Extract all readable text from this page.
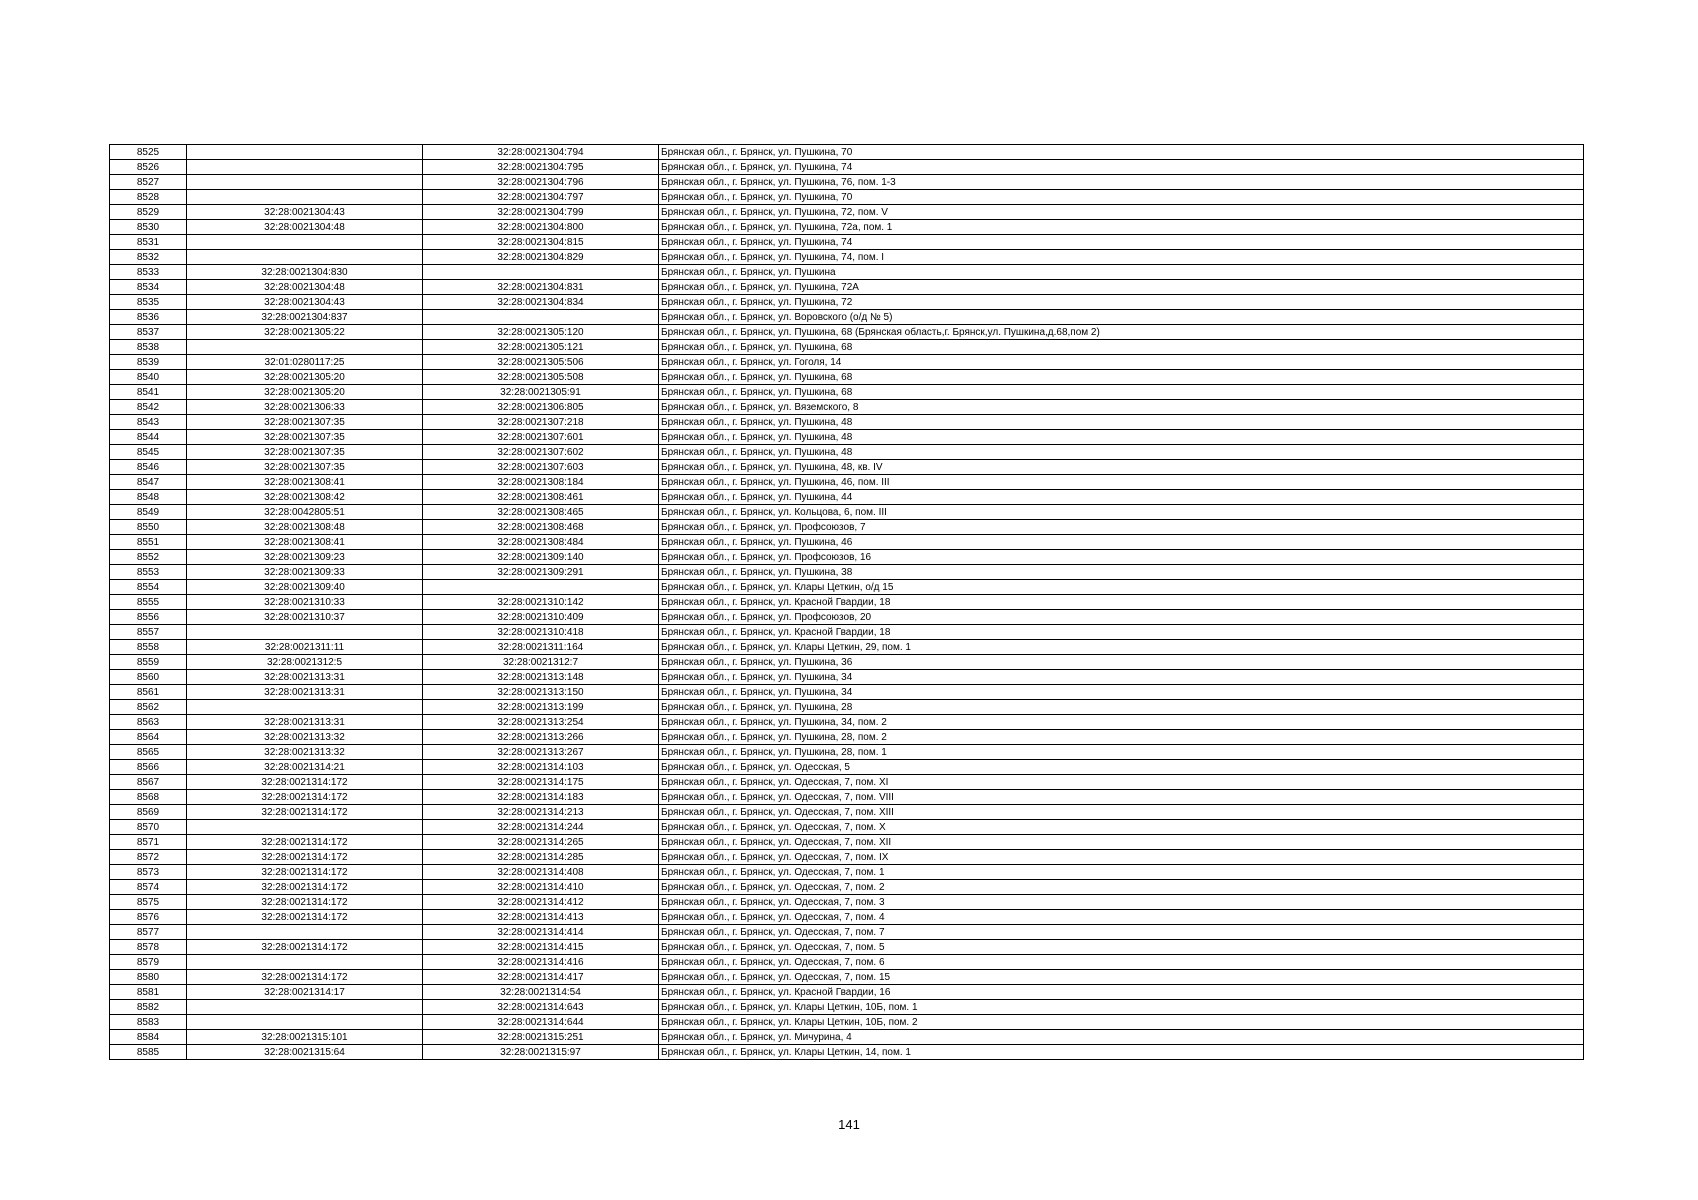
8525		32:28:0021304:794	Брянская обл., г. Брянск, ул. Пушкина, 70
8526		32:28:0021304:795	Брянская обл., г. Брянск, ул. Пушкина, 74
8527		32:28:0021304:796	Брянская обл., г. Брянск, ул. Пушкина, 76, пом. 1-3
8528		32:28:0021304:797	Брянская обл., г. Брянск, ул. Пушкина, 70
8529	32:28:0021304:43	32:28:0021304:799	Брянская обл., г. Брянск, ул. Пушкина, 72, пом. V
8530	32:28:0021304:48	32:28:0021304:800	Брянская обл., г. Брянск, ул. Пушкина, 72а, пом. 1
8531		32:28:0021304:815	Брянская обл., г. Брянск, ул. Пушкина, 74
8532		32:28:0021304:829	Брянская обл., г. Брянск, ул. Пушкина, 74, пом. I
8533	32:28:0021304:830		Брянская обл., г. Брянск, ул. Пушкина
8534	32:28:0021304:48	32:28:0021304:831	Брянская обл., г. Брянск, ул. Пушкина, 72А
8535	32:28:0021304:43	32:28:0021304:834	Брянская обл., г. Брянск, ул. Пушкина, 72
8536	32:28:0021304:837		Брянская обл., г. Брянск, ул. Воровского (о/д № 5)
8537	32:28:0021305:22	32:28:0021305:120	Брянская обл., г. Брянск, ул. Пушкина, 68 (Брянская область,г. Брянск,ул. Пушкина,д.68,пом 2)
8538		32:28:0021305:121	Брянская обл., г. Брянск, ул. Пушкина, 68
8539	32:01:0280117:25	32:28:0021305:506	Брянская обл., г. Брянск, ул. Гоголя, 14
8540	32:28:0021305:20	32:28:0021305:508	Брянская обл., г. Брянск, ул. Пушкина, 68
8541	32:28:0021305:20	32:28:0021305:91	Брянская обл., г. Брянск, ул. Пушкина, 68
8542	32:28:0021306:33	32:28:0021306:805	Брянская обл., г. Брянск, ул. Вяземского, 8
8543	32:28:0021307:35	32:28:0021307:218	Брянская обл., г. Брянск, ул. Пушкина, 48
8544	32:28:0021307:35	32:28:0021307:601	Брянская обл., г. Брянск, ул. Пушкина, 48
8545	32:28:0021307:35	32:28:0021307:602	Брянская обл., г. Брянск, ул. Пушкина, 48
8546	32:28:0021307:35	32:28:0021307:603	Брянская обл., г. Брянск, ул. Пушкина, 48, кв. IV
8547	32:28:0021308:41	32:28:0021308:184	Брянская обл., г. Брянск, ул. Пушкина, 46, пом. III
8548	32:28:0021308:42	32:28:0021308:461	Брянская обл., г. Брянск, ул. Пушкина, 44
8549	32:28:0042805:51	32:28:0021308:465	Брянская обл., г. Брянск, ул. Кольцова, 6, пом. III
8550	32:28:0021308:48	32:28:0021308:468	Брянская обл., г. Брянск, ул. Профсоюзов, 7
8551	32:28:0021308:41	32:28:0021308:484	Брянская обл., г. Брянск, ул. Пушкина, 46
8552	32:28:0021309:23	32:28:0021309:140	Брянская обл., г. Брянск, ул. Профсоюзов, 16
8553	32:28:0021309:33	32:28:0021309:291	Брянская обл., г. Брянск, ул. Пушкина, 38
8554	32:28:0021309:40		Брянская обл., г. Брянск, ул. Клары Цеткин, о/д 15
8555	32:28:0021310:33	32:28:0021310:142	Брянская обл., г. Брянск, ул. Красной Гвардии, 18
8556	32:28:0021310:37	32:28:0021310:409	Брянская обл., г. Брянск, ул. Профсоюзов, 20
8557		32:28:0021310:418	Брянская обл., г. Брянск, ул. Красной Гвардии, 18
8558	32:28:0021311:11	32:28:0021311:164	Брянская обл., г. Брянск, ул. Клары Цеткин, 29, пом. 1
8559	32:28:0021312:5	32:28:0021312:7	Брянская обл., г. Брянск, ул. Пушкина, 36
8560	32:28:0021313:31	32:28:0021313:148	Брянская обл., г. Брянск, ул. Пушкина, 34
8561	32:28:0021313:31	32:28:0021313:150	Брянская обл., г. Брянск, ул. Пушкина, 34
8562		32:28:0021313:199	Брянская обл., г. Брянск, ул. Пушкина, 28
8563	32:28:0021313:31	32:28:0021313:254	Брянская обл., г. Брянск, ул. Пушкина, 34, пом. 2
8564	32:28:0021313:32	32:28:0021313:266	Брянская обл., г. Брянск, ул. Пушкина, 28, пом. 2
8565	32:28:0021313:32	32:28:0021313:267	Брянская обл., г. Брянск, ул. Пушкина, 28, пом. 1
8566	32:28:0021314:21	32:28:0021314:103	Брянская обл., г. Брянск, ул. Одесская, 5
8567	32:28:0021314:172	32:28:0021314:175	Брянская обл., г. Брянск, ул. Одесская, 7, пом. XI
8568	32:28:0021314:172	32:28:0021314:183	Брянская обл., г. Брянск, ул. Одесская, 7, пом. VIII
8569	32:28:0021314:172	32:28:0021314:213	Брянская обл., г. Брянск, ул. Одесская, 7, пом. XIII
8570		32:28:0021314:244	Брянская обл., г. Брянск, ул. Одесская, 7, пом. X
8571	32:28:0021314:172	32:28:0021314:265	Брянская обл., г. Брянск, ул. Одесская, 7, пом. XII
8572	32:28:0021314:172	32:28:0021314:285	Брянская обл., г. Брянск, ул. Одесская, 7, пом. IX
8573	32:28:0021314:172	32:28:0021314:408	Брянская обл., г. Брянск, ул. Одесская, 7, пом. 1
8574	32:28:0021314:172	32:28:0021314:410	Брянская обл., г. Брянск, ул. Одесская, 7, пом. 2
8575	32:28:0021314:172	32:28:0021314:412	Брянская обл., г. Брянск, ул. Одесская, 7, пом. 3
8576	32:28:0021314:172	32:28:0021314:413	Брянская обл., г. Брянск, ул. Одесская, 7, пом. 4
8577		32:28:0021314:414	Брянская обл., г. Брянск, ул. Одесская, 7, пом. 7
8578	32:28:0021314:172	32:28:0021314:415	Брянская обл., г. Брянск, ул. Одесская, 7, пом. 5
8579		32:28:0021314:416	Брянская обл., г. Брянск, ул. Одесская, 7, пом. 6
8580	32:28:0021314:172	32:28:0021314:417	Брянская обл., г. Брянск, ул. Одесская, 7, пом. 15
8581	32:28:0021314:17	32:28:0021314:54	Брянская обл., г. Брянск, ул. Красной Гвардии, 16
8582		32:28:0021314:643	Брянская обл., г. Брянск, ул. Клары Цеткин, 10Б, пом. 1
8583		32:28:0021314:644	Брянская обл., г. Брянск, ул. Клары Цеткин, 10Б, пом. 2
8584	32:28:0021315:101	32:28:0021315:251	Брянская обл., г. Брянск, ул. Мичурина, 4
8585	32:28:0021315:64	32:28:0021315:97	Брянская обл., г. Брянск, ул. Клары Цеткин, 14, пом. 1
141
